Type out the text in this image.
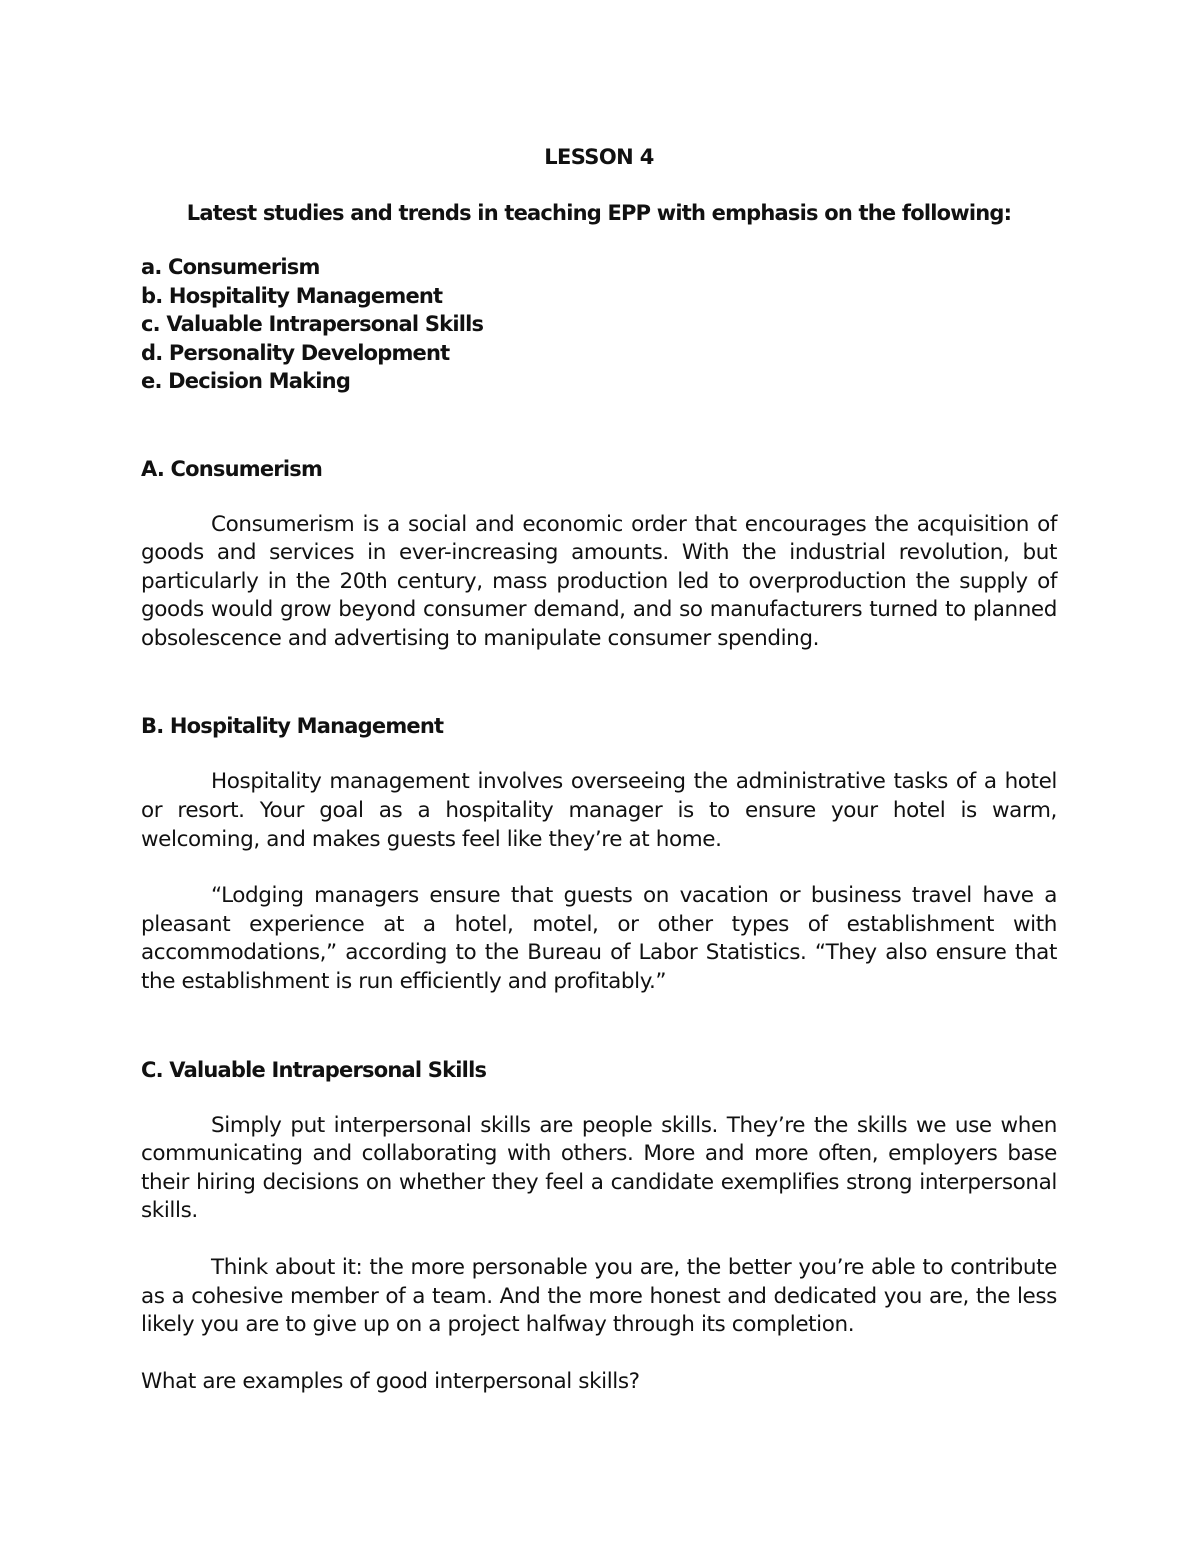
LESSON 4

Latest studies and trends in teaching EPP with emphasis on the following:

a. Consumerism
b. Hospitality Management
c. Valuable Intrapersonal Skills
d. Personality Development
e. Decision Making

A. Consumerism

Consumerism is a social and economic order that encourages the acquisition of goods and services in ever-increasing amounts. With the industrial revolution, but particularly in the 20th century, mass production led to overproduction the supply of goods would grow beyond consumer demand, and so manufacturers turned to planned obsolescence and advertising to manipulate consumer spending.

B. Hospitality Management

Hospitality management involves overseeing the administrative tasks of a hotel or resort. Your goal as a hospitality manager is to ensure your hotel is warm, welcoming, and makes guests feel like they’re at home.

“Lodging managers ensure that guests on vacation or business travel have a pleasant experience at a hotel, motel, or other types of establishment with accommodations,” according to the Bureau of Labor Statistics. “They also ensure that the establishment is run efficiently and profitably.”

C. Valuable Intrapersonal Skills

Simply put interpersonal skills are people skills. They’re the skills we use when communicating and collaborating with others. More and more often, employers base their hiring decisions on whether they feel a candidate exemplifies strong interpersonal skills.

Think about it: the more personable you are, the better you’re able to contribute as a cohesive member of a team. And the more honest and dedicated you are, the less likely you are to give up on a project halfway through its completion.

What are examples of good interpersonal skills?
